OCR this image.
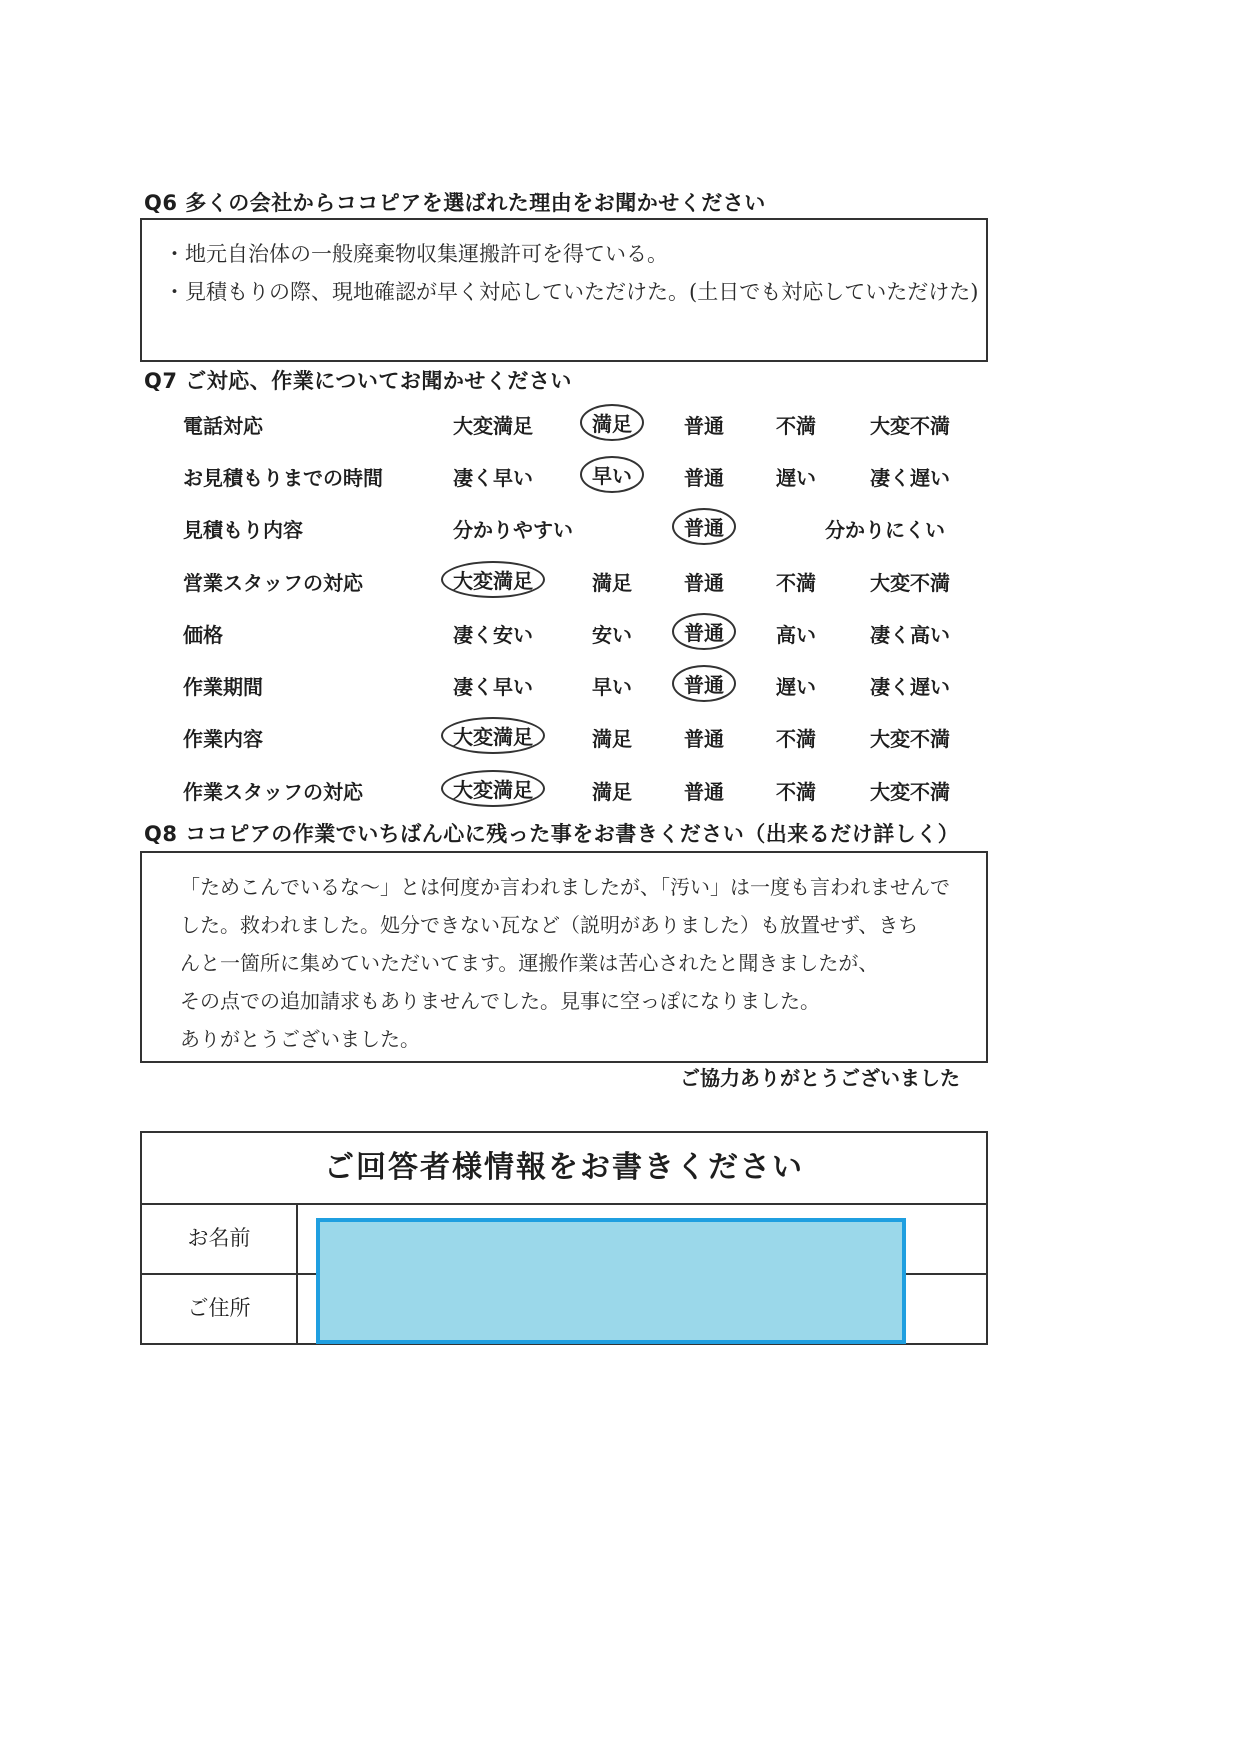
Q6 多くの会社からココピアを選ばれた理由をお聞かせください
・地元自治体の一般廃棄物収集運搬許可を得ている。
・見積もりの際、現地確認が早く対応していただけた。(土日でも対応していただけた)
Q7 ご対応、作業についてお聞かせください
電話対応	大変満足	満足	普通	不満	大変不満
お見積もりまでの時間	凄く早い	早い	普通	遅い	凄く遅い
見積もり内容	分かりやすい	普通	分かりにくい
営業スタッフの対応	大変満足	満足	普通	不満	大変不満
価格	凄く安い	安い	普通	高い	凄く高い
作業期間	凄く早い	早い	普通	遅い	凄く遅い
作業内容	大変満足	満足	普通	不満	大変不満
作業スタッフの対応	大変満足	満足	普通	不満	大変不満
Q8 ココピアの作業でいちばん心に残った事をお書きください（出来るだけ詳しく）
「ためこんでいるな〜」とは何度か言われましたが、「汚い」は一度も言われませんで
した。救われました。処分できない瓦など（説明がありました）も放置せず、きち
んと一箇所に集めていただいてます。運搬作業は苦心されたと聞きましたが、
その点での追加請求もありませんでした。見事に空っぽになりました。
ありがとうございました。
ご協力ありがとうございました
ご回答者様情報をお書きください
お名前
ご住所
